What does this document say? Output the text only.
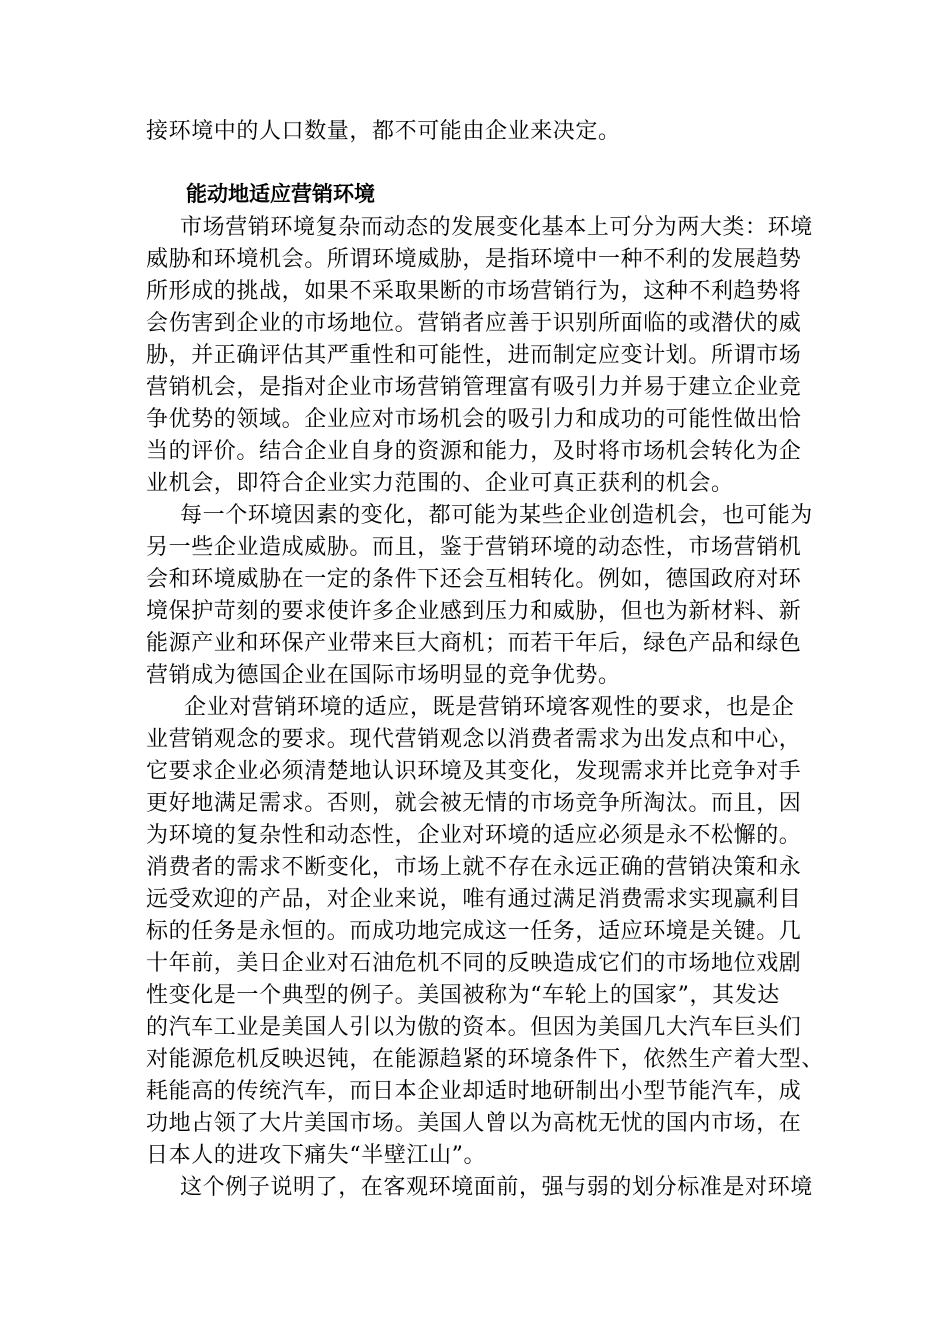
接环境中的人口数量，都不可能由企业来决定。
能动地适应营销环境
市场营销环境复杂而动态的发展变化基本上可分为两大类：环境
威胁和环境机会。所谓环境威胁，是指环境中一种不利的发展趋势
所形成的挑战，如果不采取果断的市场营销行为，这种不利趋势将
会伤害到企业的市场地位。营销者应善于识别所面临的或潜伏的威
胁，并正确评估其严重性和可能性，进而制定应变计划。所谓市场
营销机会，是指对企业市场营销管理富有吸引力并易于建立企业竞
争优势的领域。企业应对市场机会的吸引力和成功的可能性做出恰
当的评价。结合企业自身的资源和能力，及时将市场机会转化为企
业机会，即符合企业实力范围的、企业可真正获利的机会。
每一个环境因素的变化，都可能为某些企业创造机会，也可能为
另一些企业造成威胁。而且，鉴于营销环境的动态性，市场营销机
会和环境威胁在一定的条件下还会互相转化。例如，德国政府对环
境保护苛刻的要求使许多企业感到压力和威胁，但也为新材料、新
能源产业和环保产业带来巨大商机；而若干年后，绿色产品和绿色
营销成为德国企业在国际市场明显的竞争优势。
企业对营销环境的适应，既是营销环境客观性的要求，也是企
业营销观念的要求。现代营销观念以消费者需求为出发点和中心，
它要求企业必须清楚地认识环境及其变化，发现需求并比竞争对手
更好地满足需求。否则，就会被无情的市场竞争所淘汰。而且，因
为环境的复杂性和动态性，企业对环境的适应必须是永不松懈的。
消费者的需求不断变化，市场上就不存在永远正确的营销决策和永
远受欢迎的产品，对企业来说，唯有通过满足消费需求实现赢利目
标的任务是永恒的。而成功地完成这一任务，适应环境是关键。几
十年前，美日企业对石油危机不同的反映造成它们的市场地位戏剧
性变化是一个典型的例子。美国被称为“车轮上的国家”，其发达
的汽车工业是美国人引以为傲的资本。但因为美国几大汽车巨头们
对能源危机反映迟钝，在能源趋紧的环境条件下，依然生产着大型、
耗能高的传统汽车，而日本企业却适时地研制出小型节能汽车，成
功地占领了大片美国市场。美国人曾以为高枕无忧的国内市场，在
日本人的进攻下痛失“半壁江山”。
这个例子说明了，在客观环境面前，强与弱的划分标准是对环境
